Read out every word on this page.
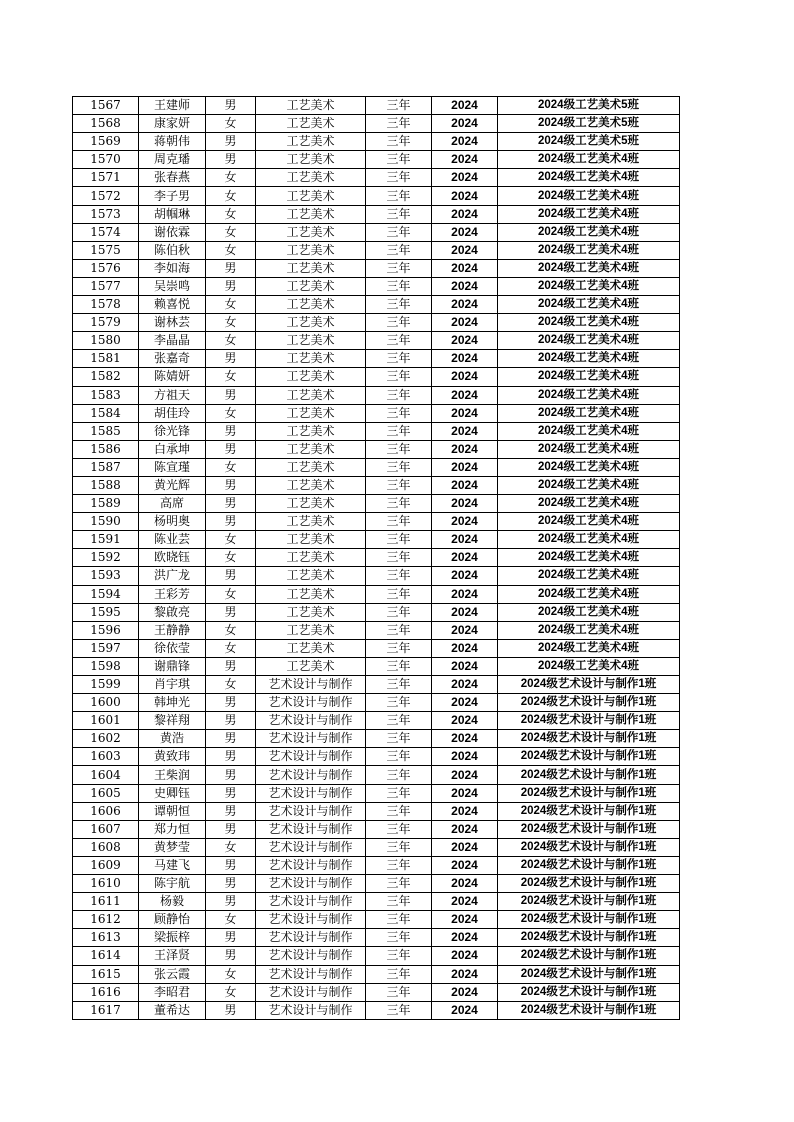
1567	王建师	男	工艺美术	三年	2024	2024级工艺美术5班
1568	康家妍	女	工艺美术	三年	2024	2024级工艺美术5班
1569	蒋朝伟	男	工艺美术	三年	2024	2024级工艺美术5班
1570	周克璠	男	工艺美术	三年	2024	2024级工艺美术4班
1571	张春燕	女	工艺美术	三年	2024	2024级工艺美术4班
1572	李子男	女	工艺美术	三年	2024	2024级工艺美术4班
1573	胡帼琳	女	工艺美术	三年	2024	2024级工艺美术4班
1574	谢依霖	女	工艺美术	三年	2024	2024级工艺美术4班
1575	陈伯秋	女	工艺美术	三年	2024	2024级工艺美术4班
1576	李如海	男	工艺美术	三年	2024	2024级工艺美术4班
1577	吴崇鸣	男	工艺美术	三年	2024	2024级工艺美术4班
1578	赖喜悦	女	工艺美术	三年	2024	2024级工艺美术4班
1579	谢林芸	女	工艺美术	三年	2024	2024级工艺美术4班
1580	李晶晶	女	工艺美术	三年	2024	2024级工艺美术4班
1581	张嘉奇	男	工艺美术	三年	2024	2024级工艺美术4班
1582	陈婧妍	女	工艺美术	三年	2024	2024级工艺美术4班
1583	方祖天	男	工艺美术	三年	2024	2024级工艺美术4班
1584	胡佳玲	女	工艺美术	三年	2024	2024级工艺美术4班
1585	徐光锋	男	工艺美术	三年	2024	2024级工艺美术4班
1586	白承坤	男	工艺美术	三年	2024	2024级工艺美术4班
1587	陈宣瑾	女	工艺美术	三年	2024	2024级工艺美术4班
1588	黄光辉	男	工艺美术	三年	2024	2024级工艺美术4班
1589	高席	男	工艺美术	三年	2024	2024级工艺美术4班
1590	杨明奥	男	工艺美术	三年	2024	2024级工艺美术4班
1591	陈业芸	女	工艺美术	三年	2024	2024级工艺美术4班
1592	欧晓钰	女	工艺美术	三年	2024	2024级工艺美术4班
1593	洪广龙	男	工艺美术	三年	2024	2024级工艺美术4班
1594	王彩芳	女	工艺美术	三年	2024	2024级工艺美术4班
1595	黎啟亮	男	工艺美术	三年	2024	2024级工艺美术4班
1596	王静静	女	工艺美术	三年	2024	2024级工艺美术4班
1597	徐依莹	女	工艺美术	三年	2024	2024级工艺美术4班
1598	谢鼎锋	男	工艺美术	三年	2024	2024级工艺美术4班
1599	肖宇琪	女	艺术设计与制作	三年	2024	2024级艺术设计与制作1班
1600	韩坤光	男	艺术设计与制作	三年	2024	2024级艺术设计与制作1班
1601	黎祥翔	男	艺术设计与制作	三年	2024	2024级艺术设计与制作1班
1602	黄浩	男	艺术设计与制作	三年	2024	2024级艺术设计与制作1班
1603	黄致玮	男	艺术设计与制作	三年	2024	2024级艺术设计与制作1班
1604	王柴润	男	艺术设计与制作	三年	2024	2024级艺术设计与制作1班
1605	史卿钰	男	艺术设计与制作	三年	2024	2024级艺术设计与制作1班
1606	谭朝恒	男	艺术设计与制作	三年	2024	2024级艺术设计与制作1班
1607	郑力恒	男	艺术设计与制作	三年	2024	2024级艺术设计与制作1班
1608	黄梦莹	女	艺术设计与制作	三年	2024	2024级艺术设计与制作1班
1609	马建飞	男	艺术设计与制作	三年	2024	2024级艺术设计与制作1班
1610	陈宇航	男	艺术设计与制作	三年	2024	2024级艺术设计与制作1班
1611	杨毅	男	艺术设计与制作	三年	2024	2024级艺术设计与制作1班
1612	顾静怡	女	艺术设计与制作	三年	2024	2024级艺术设计与制作1班
1613	梁振梓	男	艺术设计与制作	三年	2024	2024级艺术设计与制作1班
1614	王泽贤	男	艺术设计与制作	三年	2024	2024级艺术设计与制作1班
1615	张云霞	女	艺术设计与制作	三年	2024	2024级艺术设计与制作1班
1616	李昭君	女	艺术设计与制作	三年	2024	2024级艺术设计与制作1班
1617	董希达	男	艺术设计与制作	三年	2024	2024级艺术设计与制作1班
